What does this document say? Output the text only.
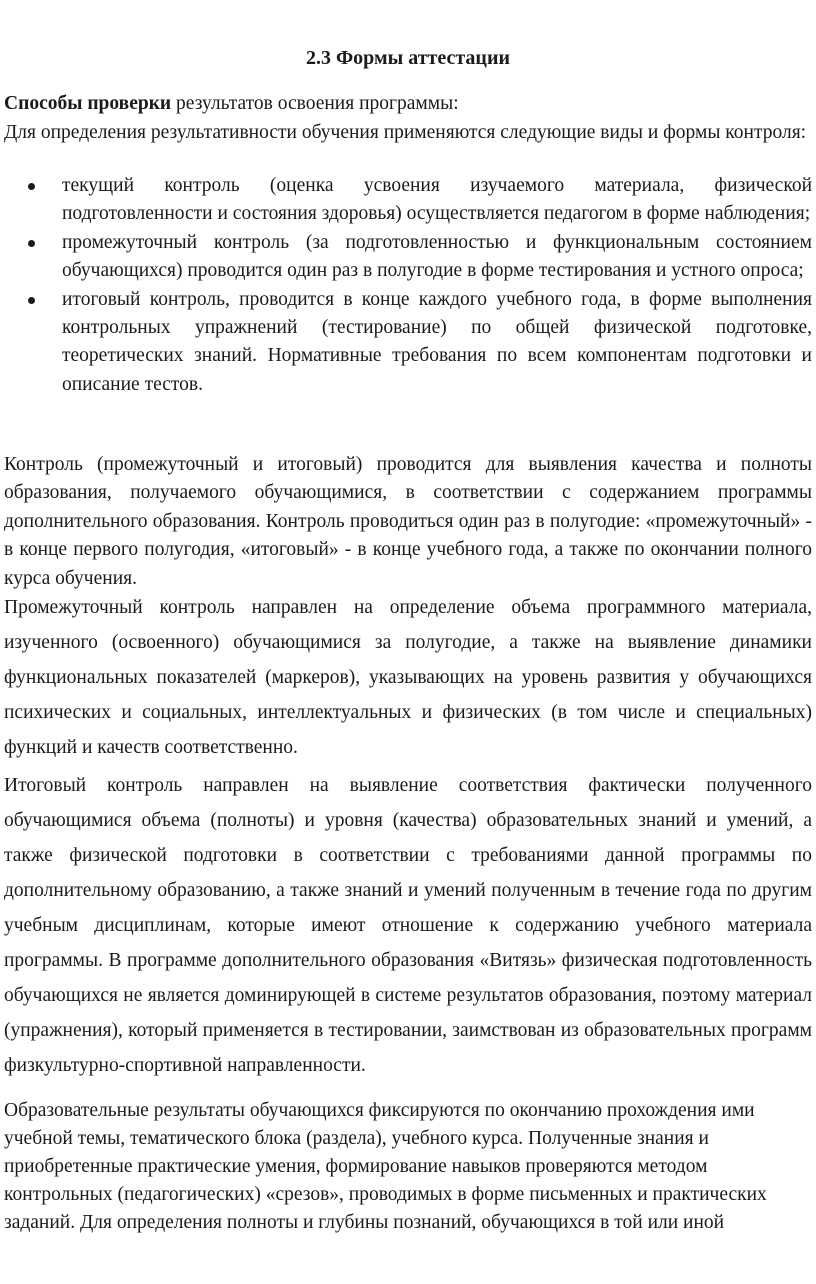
2.3 Формы аттестации

Способы проверки результатов освоения программы:

Для определения результативности обучения применяются следующие виды и формы контроля:

текущий контроль (оценка усвоения изучаемого материала, физической подготовленности и состояния здоровья) осуществляется педагогом в форме наблюдения;
промежуточный контроль (за подготовленностью и функциональным состоянием обучающихся) проводится один раз в полугодие в форме тестирования и устного опроса;
итоговый контроль, проводится в конце каждого учебного года, в форме выполнения контрольных упражнений (тестирование) по общей физической подготовке, теоретических знаний. Нормативные требования по всем компонентам подготовки и описание тестов.

Контроль (промежуточный и итоговый) проводится для выявления качества и полноты образования, получаемого обучающимися, в соответствии с содержанием программы дополнительного образования. Контроль проводиться один раз в полугодие: «промежуточный» - в конце первого полугодия, «итоговый» - в конце учебного года, а также по окончании полного курса обучения.

Промежуточный контроль направлен на определение объема программного материала, изученного (освоенного) обучающимися за полугодие, а также на выявление динамики функциональных показателей (маркеров), указывающих на уровень развития у обучающихся психических и социальных, интеллектуальных и физических (в том числе и специальных) функций и качеств соответственно.

Итоговый контроль направлен на выявление соответствия фактически полученного обучающимися объема (полноты) и уровня (качества) образовательных знаний и умений, а также физической подготовки в соответствии с требованиями данной программы по дополнительному образованию, а также знаний и умений полученным в течение года по другим учебным дисциплинам, которые имеют отношение к содержанию учебного материала программы. В программе дополнительного образования «Витязь» физическая подготовленность обучающихся не является доминирующей в системе результатов образования, поэтому материал (упражнения), который применяется в тестировании, заимствован из образовательных программ физкультурно-спортивной направленности.

Образовательные результаты обучающихся фиксируются по окончанию прохождения ими учебной темы, тематического блока (раздела), учебного курса. Полученные знания и приобретенные практические умения, формирование навыков проверяются методом контрольных (педагогических) «срезов», проводимых в форме письменных и практических заданий. Для определения полноты и глубины познаний, обучающихся в той или иной
